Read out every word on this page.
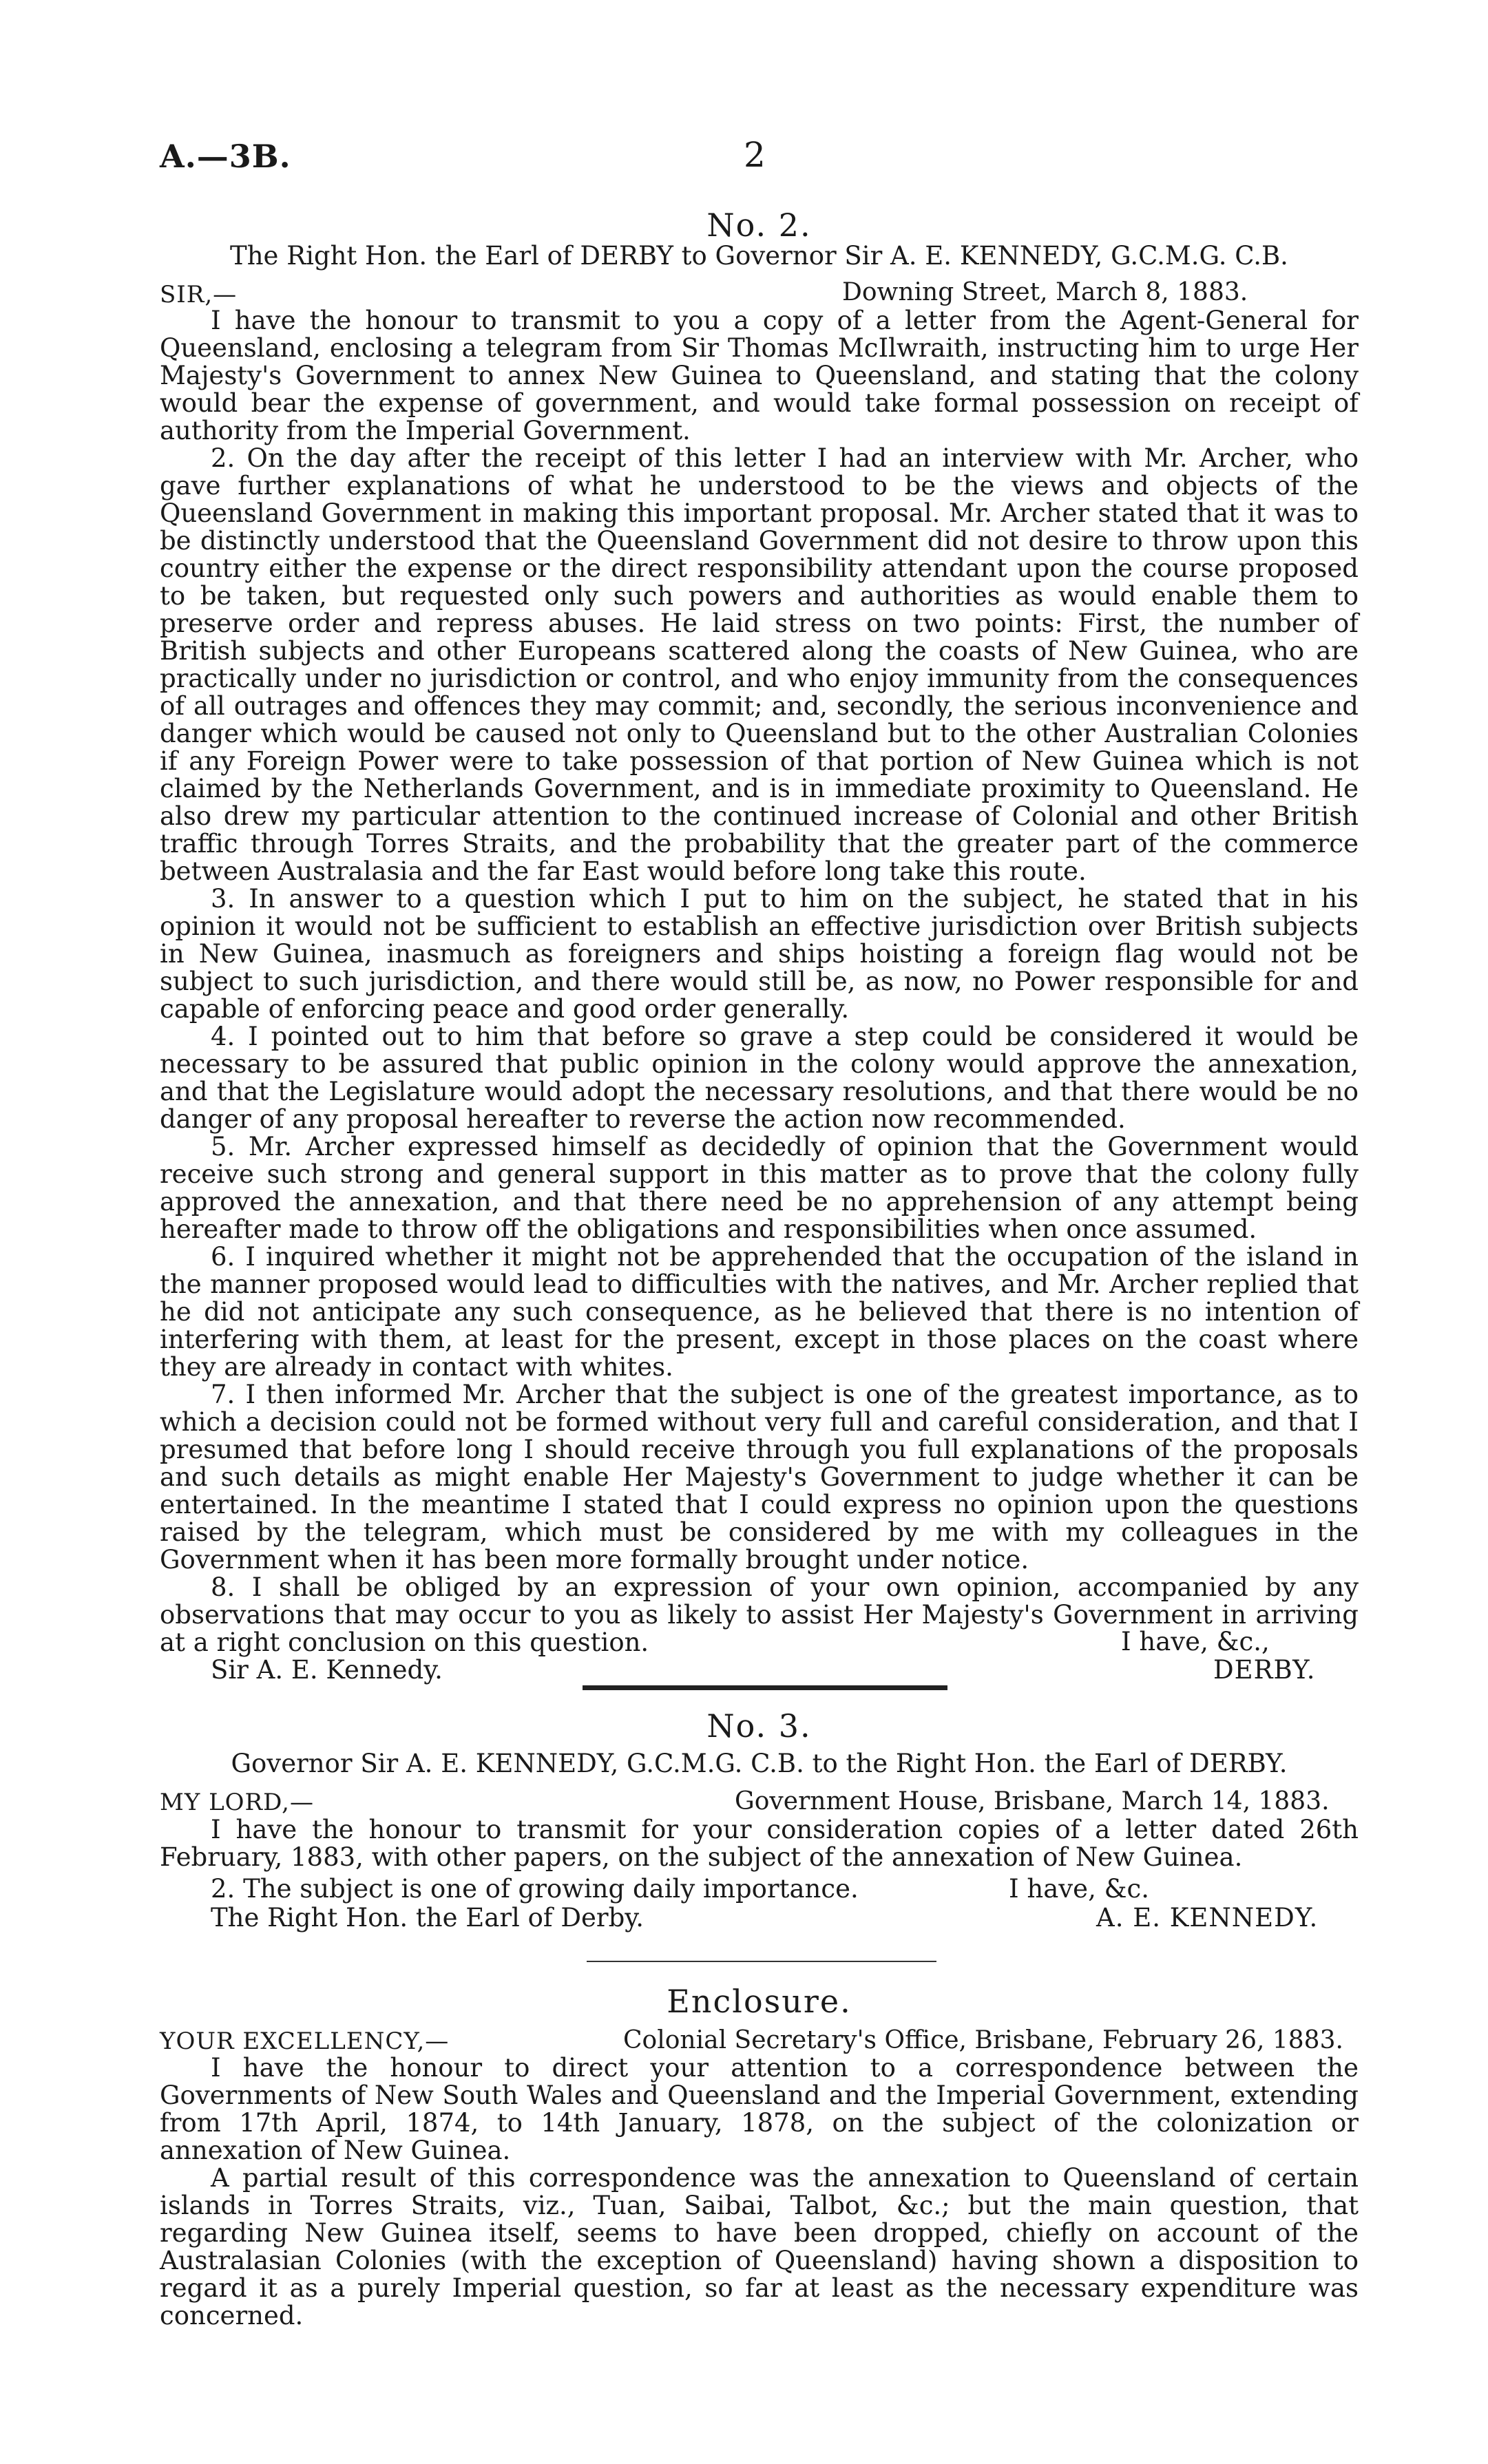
A.—3B.	2
No. 2.
The Right Hon. the Earl of DERBY to Governor Sir A. E. KENNEDY, G.C.M.G. C.B.
SIR,—	Downing Street, March 8, 1883.

I have the honour to transmit to you a copy of a letter from the Agent-General for Queensland, enclosing a telegram from Sir Thomas McIlwraith, instructing him to urge Her Majesty's Government to annex New Guinea to Queensland, and stating that the colony would bear the expense of government, and would take formal possession on receipt of authority from the Imperial Government.

2. On the day after the receipt of this letter I had an interview with Mr. Archer, who gave further explanations of what he understood to be the views and objects of the Queensland Government in making this important proposal. Mr. Archer stated that it was to be distinctly understood that the Queensland Government did not desire to throw upon this country either the expense or the direct responsibility attendant upon the course proposed to be taken, but requested only such powers and authorities as would enable them to preserve order and repress abuses. He laid stress on two points: First, the number of British subjects and other Europeans scattered along the coasts of New Guinea, who are practically under no jurisdiction or control, and who enjoy immunity from the consequences of all outrages and offences they may commit; and, secondly, the serious inconvenience and danger which would be caused not only to Queensland but to the other Australian Colonies if any Foreign Power were to take possession of that portion of New Guinea which is not claimed by the Netherlands Government, and is in immediate proximity to Queensland. He also drew my particular attention to the continued increase of Colonial and other British traffic through Torres Straits, and the probability that the greater part of the commerce between Australasia and the far East would before long take this route.

3. In answer to a question which I put to him on the subject, he stated that in his opinion it would not be sufficient to establish an effective jurisdiction over British subjects in New Guinea, inasmuch as foreigners and ships hoisting a foreign flag would not be subject to such jurisdiction, and there would still be, as now, no Power responsible for and capable of enforcing peace and good order generally.

4. I pointed out to him that before so grave a step could be considered it would be necessary to be assured that public opinion in the colony would approve the annexation, and that the Legislature would adopt the necessary resolutions, and that there would be no danger of any proposal hereafter to reverse the action now recommended.

5. Mr. Archer expressed himself as decidedly of opinion that the Government would receive such strong and general support in this matter as to prove that the colony fully approved the annexation, and that there need be no apprehension of any attempt being hereafter made to throw off the obligations and responsibilities when once assumed.

6. I inquired whether it might not be apprehended that the occupation of the island in the manner proposed would lead to difficulties with the natives, and Mr. Archer replied that he did not anticipate any such consequence, as he believed that there is no intention of interfering with them, at least for the present, except in those places on the coast where they are already in contact with whites.

7. I then informed Mr. Archer that the subject is one of the greatest importance, as to which a decision could not be formed without very full and careful consideration, and that I presumed that before long I should receive through you full explanations of the proposals and such details as might enable Her Majesty's Government to judge whether it can be entertained. In the meantime I stated that I could express no opinion upon the questions raised by the telegram, which must be considered by me with my colleagues in the Government when it has been more formally brought under notice.

8. I shall be obliged by an expression of your own opinion, accompanied by any observations that may occur to you as likely to assist Her Majesty's Government in arriving at a right conclusion on this question.	I have, &c.,
Sir A. E. Kennedy.	DERBY.
No. 3.
Governor Sir A. E. KENNEDY, G.C.M.G. C.B. to the Right Hon. the Earl of DERBY.
MY LORD,—	Government House, Brisbane, March 14, 1883.

I have the honour to transmit for your consideration copies of a letter dated 26th February, 1883, with other papers, on the subject of the annexation of New Guinea.

2. The subject is one of growing daily importance.	I have, &c.
The Right Hon. the Earl of Derby.	A. E. KENNEDY.
Enclosure.
YOUR EXCELLENCY,—	Colonial Secretary's Office, Brisbane, February 26, 1883.

I have the honour to direct your attention to a correspondence between the Governments of New South Wales and Queensland and the Imperial Government, extending from 17th April, 1874, to 14th January, 1878, on the subject of the colonization or annexation of New Guinea.

A partial result of this correspondence was the annexation to Queensland of certain islands in Torres Straits, viz., Tuan, Saibai, Talbot, &c.; but the main question, that regarding New Guinea itself, seems to have been dropped, chiefly on account of the Australasian Colonies (with the exception of Queensland) having shown a disposition to regard it as a purely Imperial question, so far at least as the necessary expenditure was concerned.
